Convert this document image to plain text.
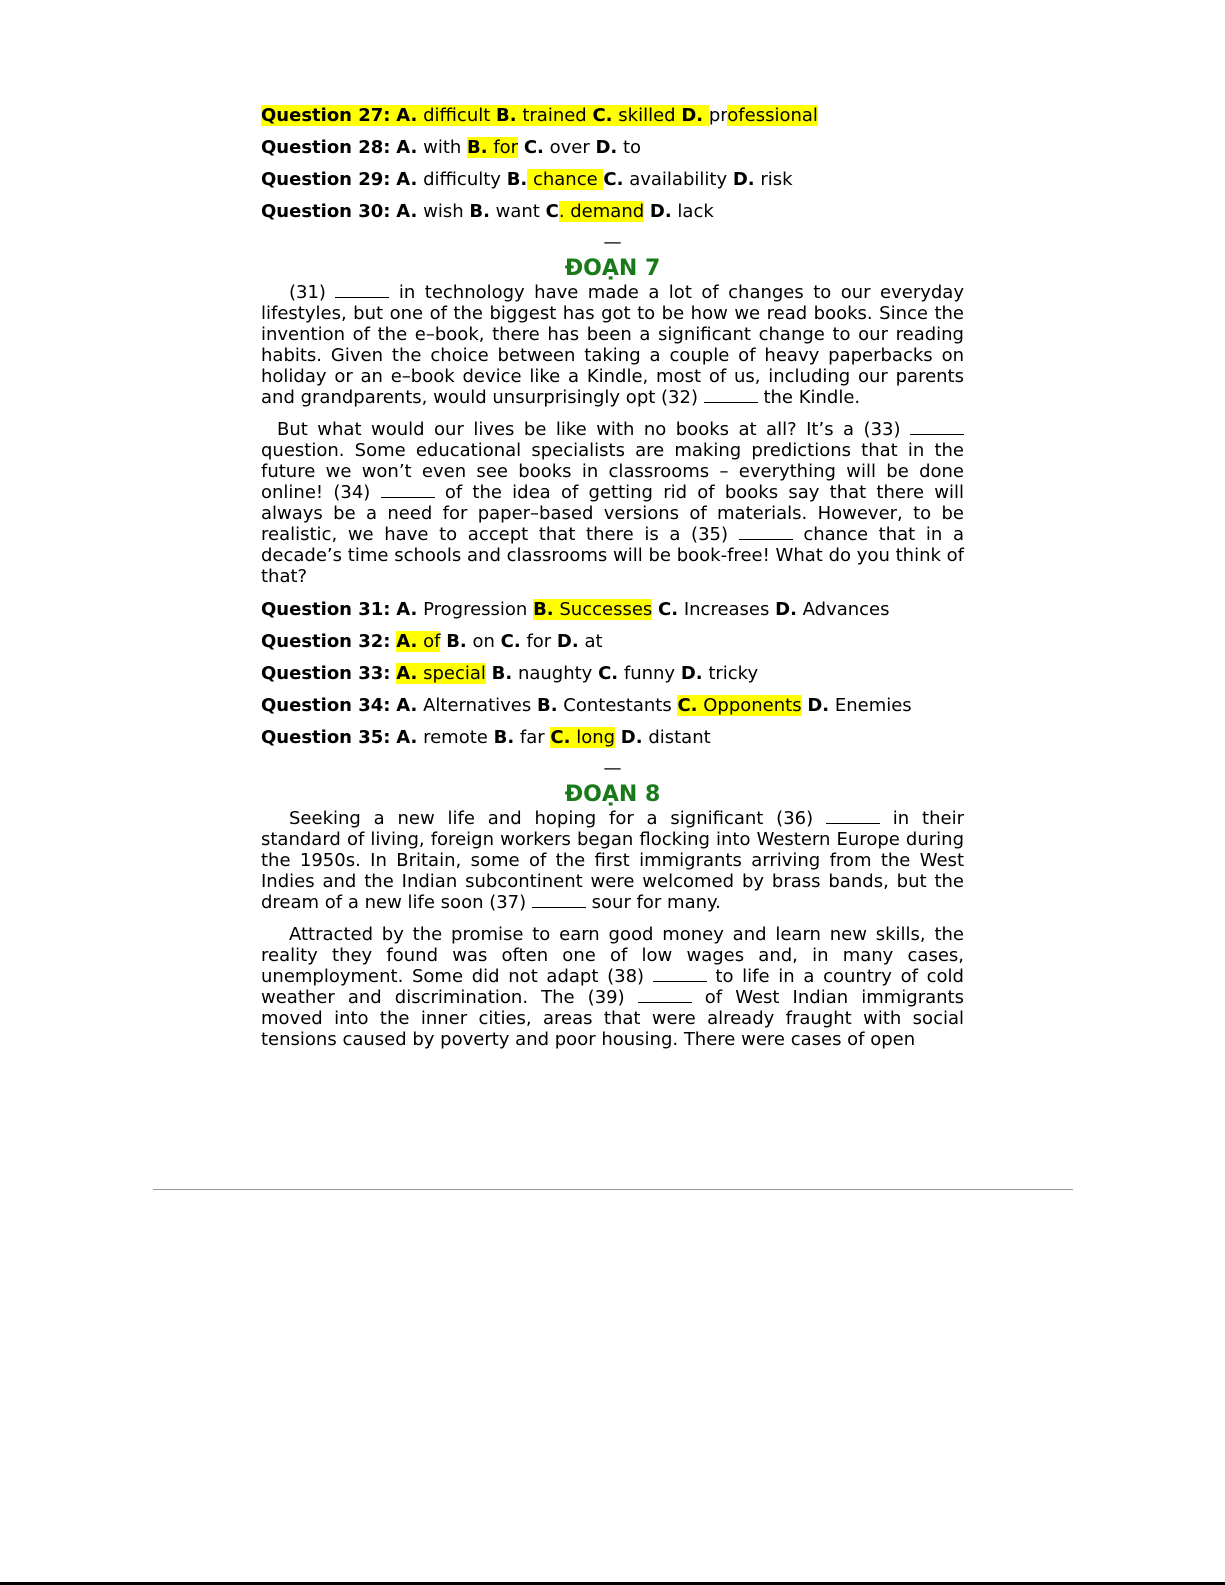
Question 27: A. difficult B. trained C. skilled D. professional

Question 28: A. with B. for C. over D. to

Question 29: A. difficulty B. chance C. availability D. risk

Question 30: A. wish B. want C. demand D. lack

—
ĐOẠN 7

(31)	in technology have made a lot of changes to our everyday lifestyles, but one of the biggest has got to be how we read books. Since the invention of the e–book, there has been a significant change to our reading habits. Given the choice between taking a couple of heavy paperbacks on holiday or an e–book device like a Kindle, most of us, including our parents and grandparents, would unsurprisingly opt (32)	the Kindle.

But what would our lives be like with no books at all? It’s a (33)  question. Some educational specialists are making predictions that in the future we won’t even see books in classrooms – everything will be done online! (34)	of the idea of getting rid of books say that there will always be a need for paper–based versions of materials. However, to be realistic, we have to accept that there is a (35)	chance that in a decade’s time schools and classrooms will be book-free! What do you think of that?

Question 31: A. Progression B. Successes C. Increases D. Advances

Question 32: A. of B. on C. for D. at

Question 33: A. special B. naughty C. funny D. tricky

Question 34: A. Alternatives B. Contestants C. Opponents D. Enemies

Question 35: A. remote B. far C. long D. distant

—
ĐOẠN 8

Seeking a new life and hoping for a significant (36)	in their standard of living, foreign workers began flocking into Western Europe during the 1950s. In Britain, some of the first immigrants arriving from the West Indies and the Indian subcontinent were welcomed by brass bands, but the dream of a new life soon (37)	sour for many.

Attracted by the promise to earn good money and learn new skills, the reality they found was often one of low wages and, in many cases, unemployment. Some did not adapt (38)	to life in a country of cold weather and discrimination. The (39)	of West Indian immigrants moved into the inner cities, areas that were already fraught with social tensions caused by poverty and poor housing. There were cases of open
